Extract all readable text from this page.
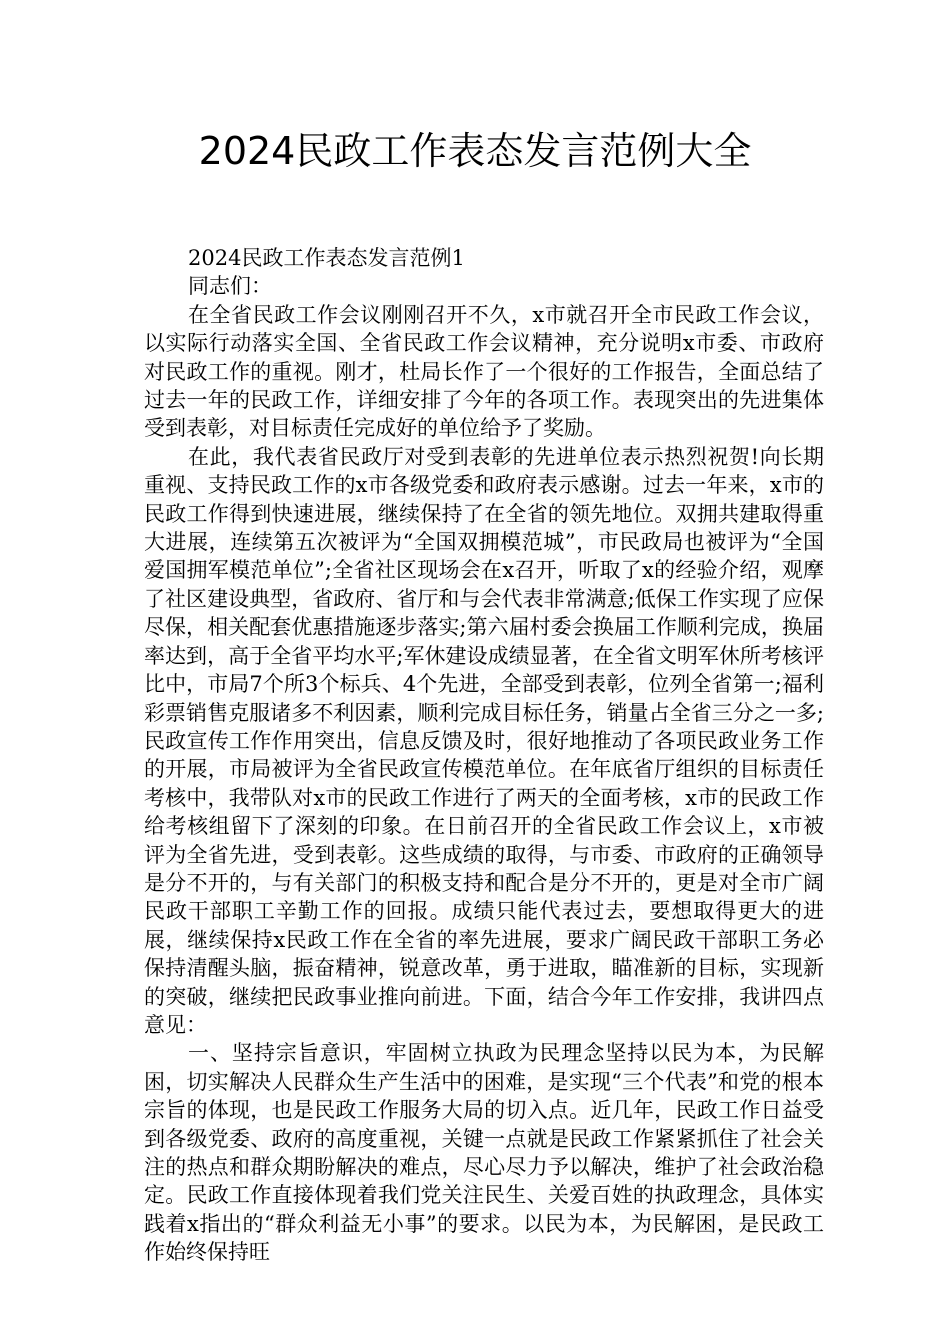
2024民政工作表态发言范例大全

2024民政工作表态发言范例1

同志们：

在全省民政工作会议刚刚召开不久，x市就召开全市民政工作会议，以实际行动落实全国、全省民政工作会议精神，充分说明x市委、市政府对民政工作的重视。刚才，杜局长作了一个很好的工作报告，全面总结了过去一年的民政工作，详细安排了今年的各项工作。表现突出的先进集体受到表彰，对目标责任完成好的单位给予了奖励。

在此，我代表省民政厅对受到表彰的先进单位表示热烈祝贺!向长期重视、支持民政工作的x市各级党委和政府表示感谢。过去一年来，x市的民政工作得到快速进展，继续保持了在全省的领先地位。双拥共建取得重大进展，连续第五次被评为“全国双拥模范城”，市民政局也被评为“全国爱国拥军模范单位”;全省社区现场会在x召开，听取了x的经验介绍，观摩了社区建设典型，省政府、省厅和与会代表非常满意;低保工作实现了应保尽保，相关配套优惠措施逐步落实;第六届村委会换届工作顺利完成，换届率达到，高于全省平均水平;军休建设成绩显著，在全省文明军休所考核评比中，市局7个所3个标兵、4个先进，全部受到表彰，位列全省第一;福利彩票销售克服诸多不利因素，顺利完成目标任务，销量占全省三分之一多;民政宣传工作作用突出，信息反馈及时，很好地推动了各项民政业务工作的开展，市局被评为全省民政宣传模范单位。在年底省厅组织的目标责任考核中，我带队对x市的民政工作进行了两天的全面考核，x市的民政工作给考核组留下了深刻的印象。在日前召开的全省民政工作会议上，x市被评为全省先进，受到表彰。这些成绩的取得，与市委、市政府的正确领导是分不开的，与有关部门的积极支持和配合是分不开的，更是对全市广阔民政干部职工辛勤工作的回报。成绩只能代表过去，要想取得更大的进展，继续保持x民政工作在全省的率先进展，要求广阔民政干部职工务必保持清醒头脑，振奋精神，锐意改革，勇于进取，瞄准新的目标，实现新的突破，继续把民政事业推向前进。下面，结合今年工作安排，我讲四点意见：

一、坚持宗旨意识，牢固树立执政为民理念坚持以民为本，为民解困，切实解决人民群众生产生活中的困难，是实现“三个代表”和党的根本宗旨的体现，也是民政工作服务大局的切入点。近几年，民政工作日益受到各级党委、政府的高度重视，关键一点就是民政工作紧紧抓住了社会关注的热点和群众期盼解决的难点，尽心尽力予以解决，维护了社会政治稳定。民政工作直接体现着我们党关注民生、关爱百姓的执政理念，具体实践着x指出的“群众利益无小事”的要求。以民为本，为民解困，是民政工作始终保持旺
